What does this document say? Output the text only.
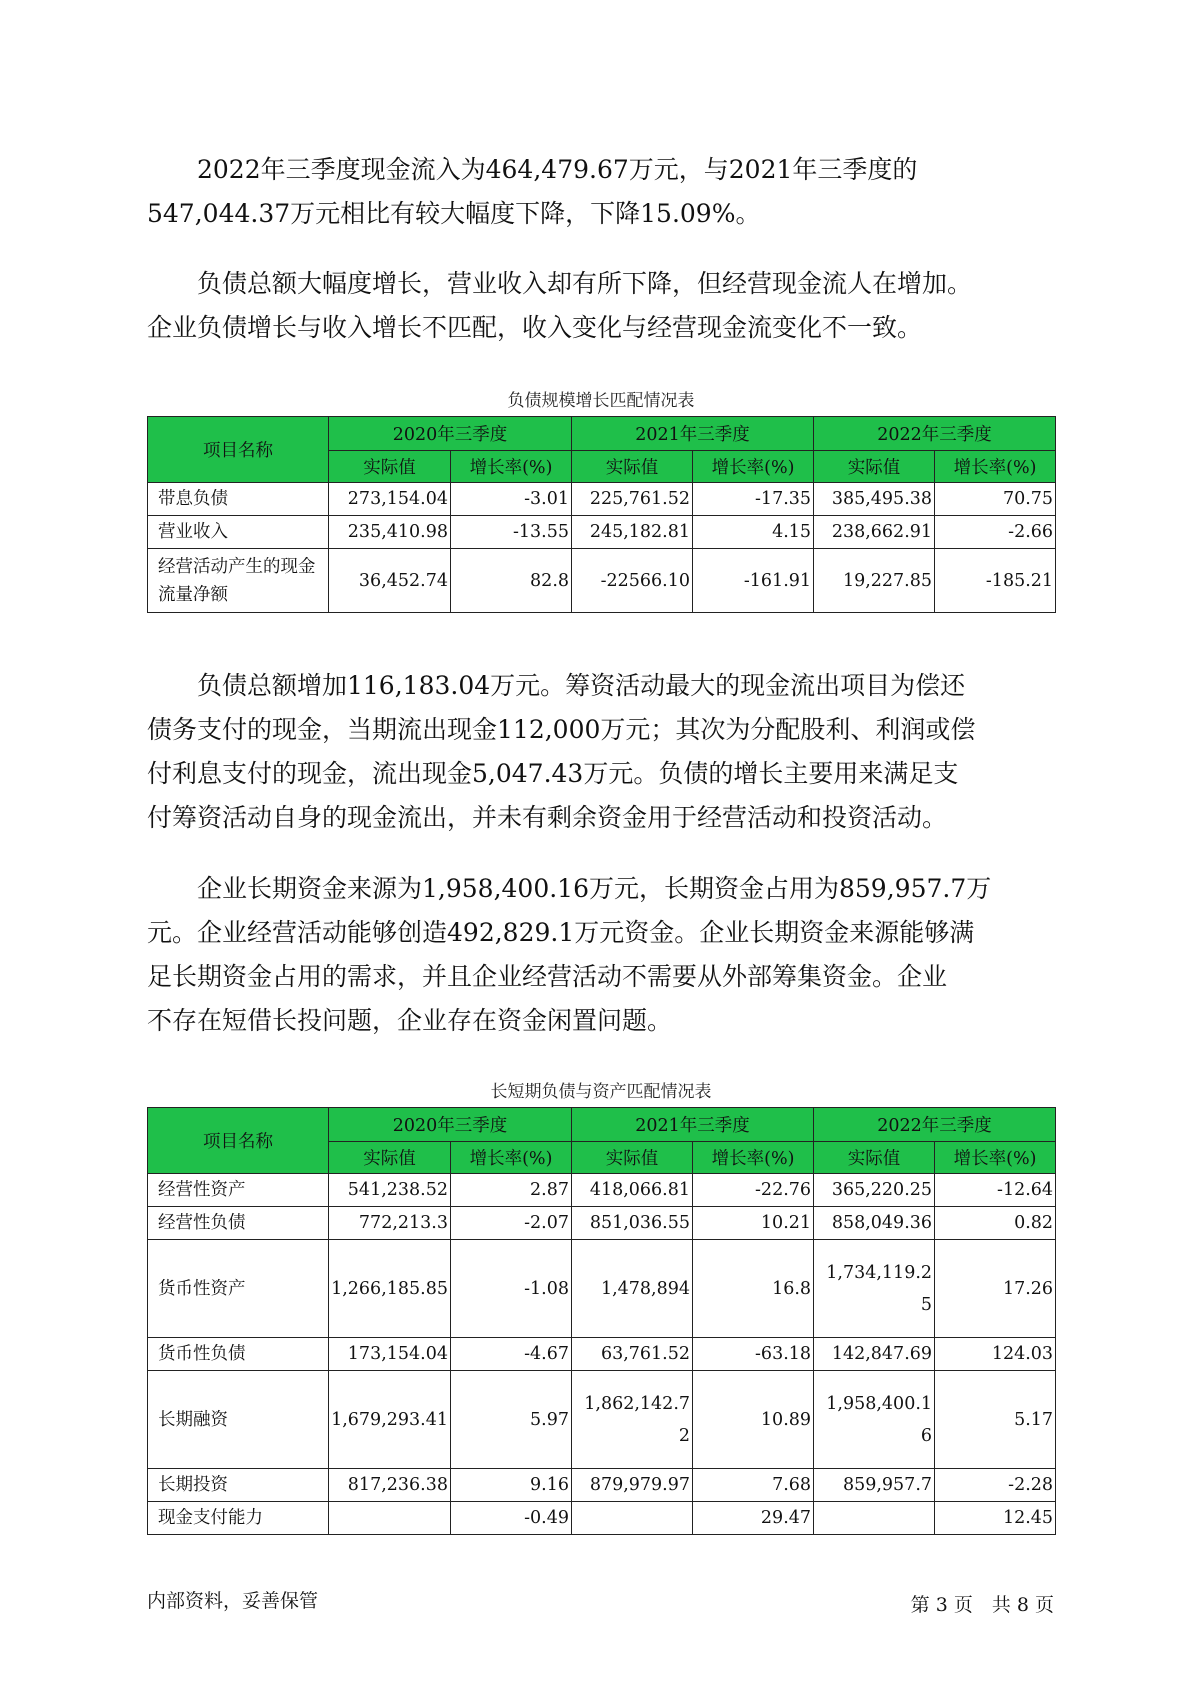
　　2022年三季度现金流入为464,479.67万元，与2021年三季度的
547,044.37万元相比有较大幅度下降，下降15.09%。
　　负债总额大幅度增长，营业收入却有所下降，但经营现金流人在增加。
企业负债增长与收入增长不匹配，收入变化与经营现金流变化不一致。
负债规模增长匹配情况表
项目名称	2020年三季度		2021年三季度		2022年三季度	
	实际值	增长率(%)	实际值	增长率(%)	实际值	增长率(%)
带息负债	273,154.04	-3.01	225,761.52	-17.35	385,495.38	70.75
营业收入	235,410.98	-13.55	245,182.81	4.15	238,662.91	-2.66
经营活动产生的现金流量净额	36,452.74	82.8	-22566.10	-161.91	19,227.85	-185.21
　　负债总额增加116,183.04万元。筹资活动最大的现金流出项目为偿还
债务支付的现金，当期流出现金112,000万元；其次为分配股利、利润或偿
付利息支付的现金，流出现金5,047.43万元。负债的增长主要用来满足支
付筹资活动自身的现金流出，并未有剩余资金用于经营活动和投资活动。
　　企业长期资金来源为1,958,400.16万元，长期资金占用为859,957.7万
元。企业经营活动能够创造492,829.1万元资金。企业长期资金来源能够满
足长期资金占用的需求，并且企业经营活动不需要从外部筹集资金。企业
不存在短借长投问题，企业存在资金闲置问题。
长短期负债与资产匹配情况表
项目名称	2020年三季度		2021年三季度		2022年三季度	
	实际值	增长率(%)	实际值	增长率(%)	实际值	增长率(%)
经营性资产	541,238.52	2.87	418,066.81	-22.76	365,220.25	-12.64
经营性负债	772,213.3	-2.07	851,036.55	10.21	858,049.36	0.82
货币性资产	1,266,185.85	-1.08	1,478,894	16.8	1,734,119.25	17.26
货币性负债	173,154.04	-4.67	63,761.52	-63.18	142,847.69	124.03
长期融资	1,679,293.41	5.97	1,862,142.72	10.89	1,958,400.16	5.17
长期投资	817,236.38	9.16	879,979.97	7.68	859,957.7	-2.28
现金支付能力		-0.49		29.47		12.45
内部资料，妥善保管	第 3 页　共 8 页
